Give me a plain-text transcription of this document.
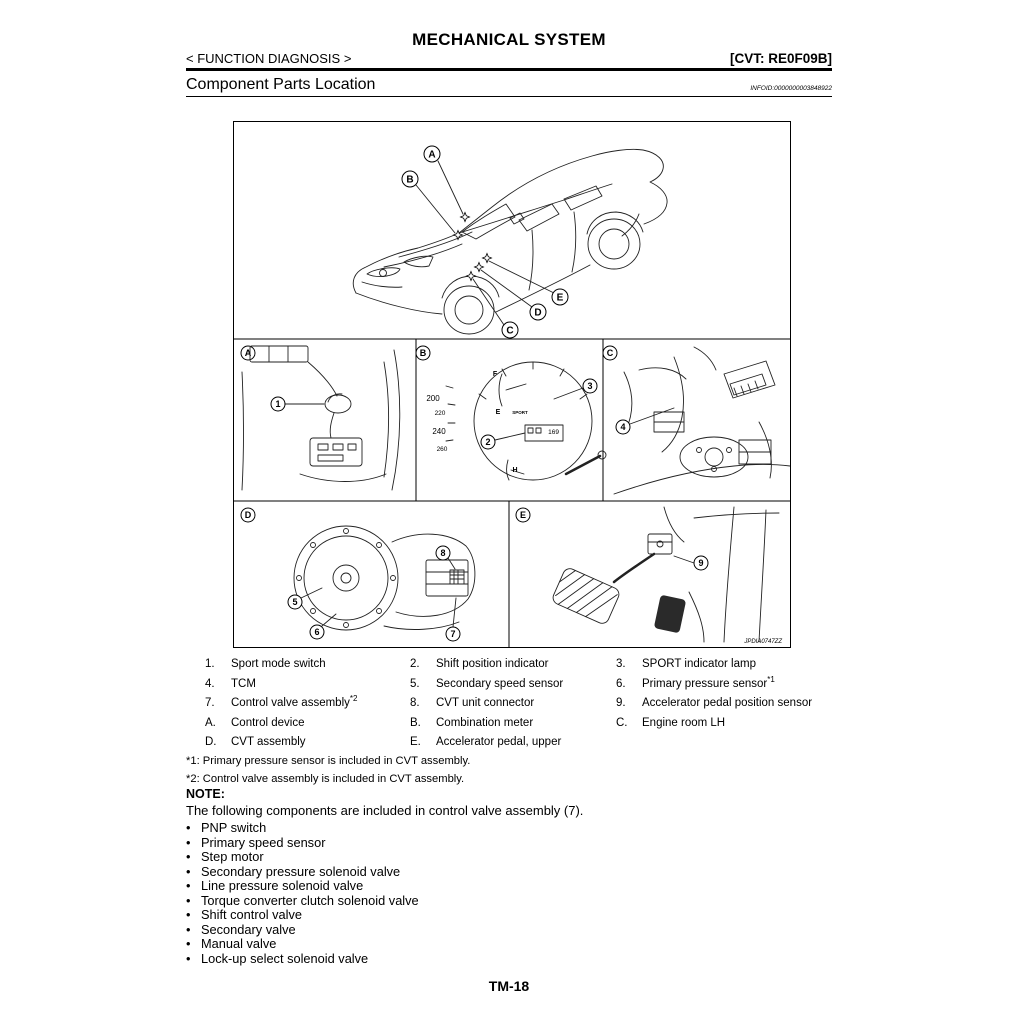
MECHANICAL SYSTEM
< FUNCTION DIAGNOSIS >	[CVT: RE0F09B]
Component Parts Location	INFOID:0000000003848922
A
B
C
D
E
A
1
B
200
220
240
260
F
E	SPORT
169
H
2
3
C
4
D
5
6	7
8
E
9
JPDIA0747ZZ
1.	Sport mode switch	2.	Shift position indicator	3.	SPORT indicator lamp
4.	TCM	5.	Secondary speed sensor	6.	Primary pressure sensor$^{*1}$
7.	Control valve assembly$^{*2}$	8.	CVT unit connector	9.	Accelerator pedal position sensor
A.	Control device	B.	Combination meter	C.	Engine room LH
D.	CVT assembly	E.	Accelerator pedal, upper
*1: Primary pressure sensor is included in CVT assembly.
*2: Control valve assembly is included in CVT assembly.
NOTE:
The following components are included in control valve assembly (7).
• PNP switch
• Primary speed sensor
• Step motor
• Secondary pressure solenoid valve
• Line pressure solenoid valve
• Torque converter clutch solenoid valve
• Shift control valve
• Secondary valve
• Manual valve
• Lock-up select solenoid valve
TM-18
